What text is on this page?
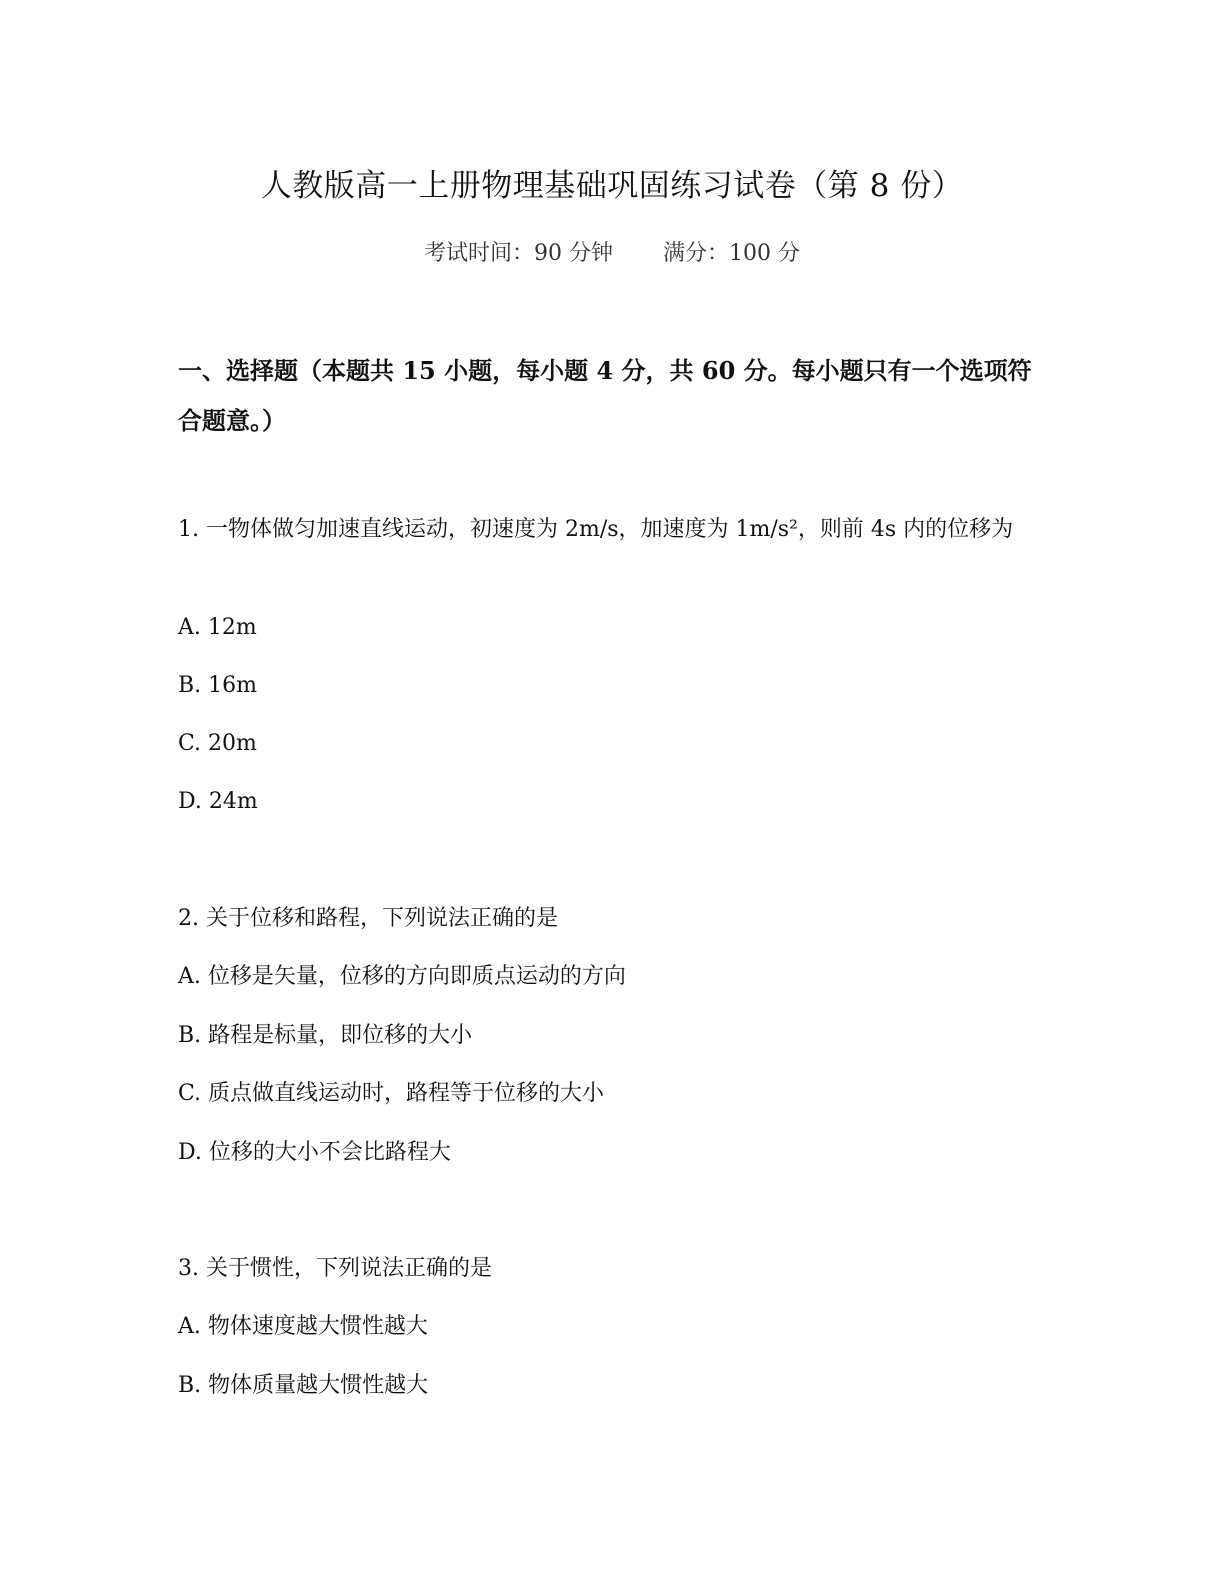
人教版高一上册物理基础巩固练习试卷（第 8 份）
考试时间：90 分钟 满分：100 分
一、选择题（本题共 15 小题，每小题 4 分，共 60 分。每小题只有一个选项符合题意。）
1. 一物体做匀加速直线运动，初速度为 2m/s，加速度为 1m/s²，则前 4s 内的位移为
A. 12m
B. 16m
C. 20m
D. 24m
2. 关于位移和路程，下列说法正确的是
A. 位移是矢量，位移的方向即质点运动的方向
B. 路程是标量，即位移的大小
C. 质点做直线运动时，路程等于位移的大小
D. 位移的大小不会比路程大
3. 关于惯性，下列说法正确的是
A. 物体速度越大惯性越大
B. 物体质量越大惯性越大
